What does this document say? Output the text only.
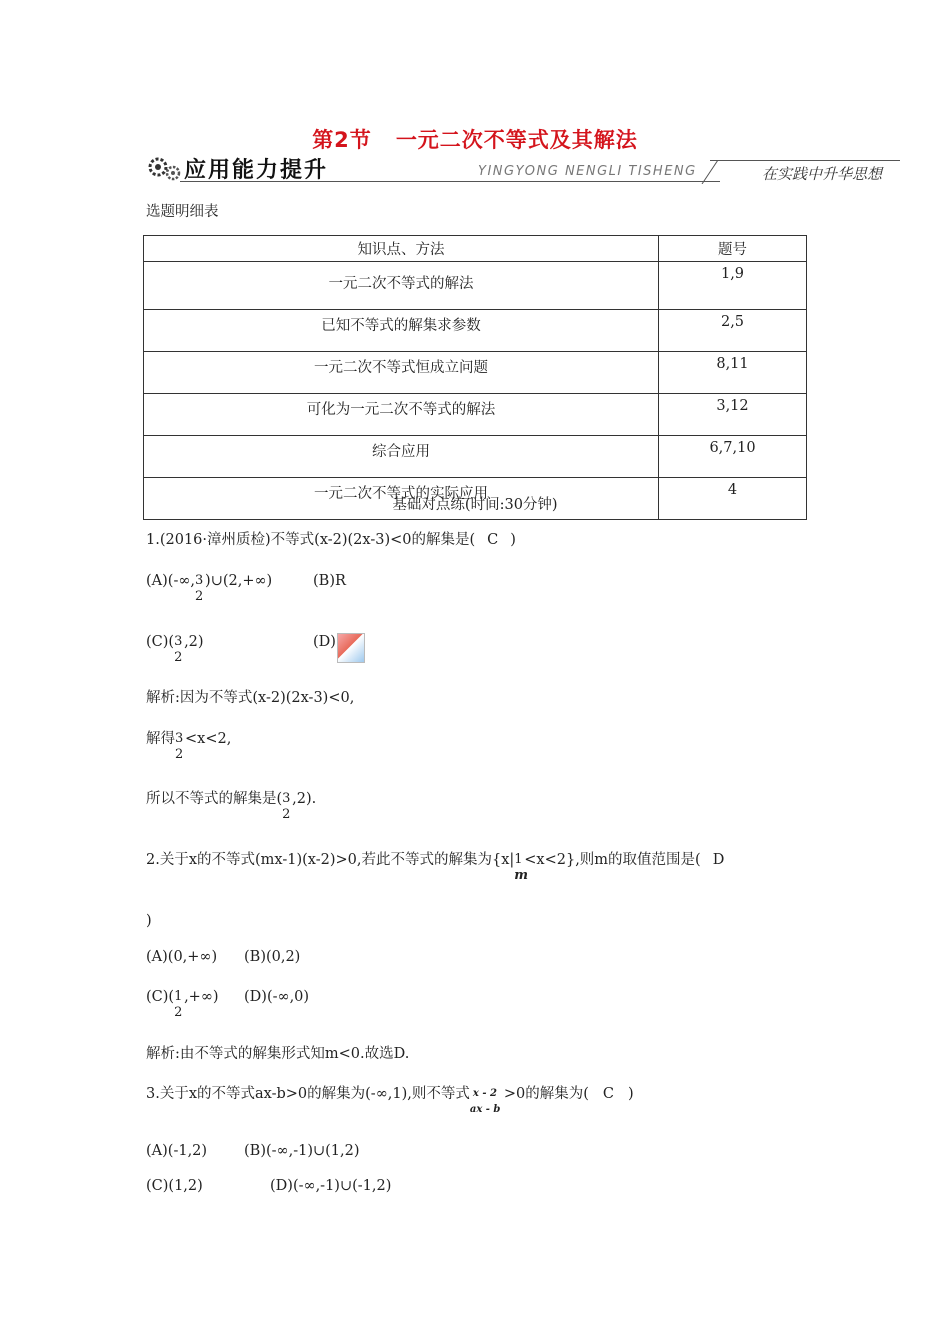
第2节 一元二次不等式及其解法
应用能力提升	YINGYONG NENGLI TISHENG	在实践中升华思想
选题明细表
知识点、方法	题号
一元二次不等式的解法	1,9
已知不等式的解集求参数	2,5
一元二次不等式恒成立问题	8,11
可化为一元二次不等式的解法	3,12
综合应用	6,7,10
一元二次不等式的实际应用	4
基础对点练(时间:30分钟)
1.(2016·漳州质检)不等式(x-2)(2x-3)<0的解集是( C )
(A)(-∞, 3
2
)∪(2,+∞)	(B)R
(C)( 3
2
,2)	(D)
解析:因为不等式(x-2)(2x-3)<0,
解得 3
2
<x<2,
所以不等式的解集是( 3
2
,2).
2.关于x的不等式(mx-1)(x-2)>0,若此不等式的解集为{x| 1
m
<x<2},则m的取值范围是( D
)
(A)(0,+∞) (B)(0,2)
(C)( 1
2
,+∞) (D)(-∞,0)
解析:由不等式的解集形式知m<0.故选D.
3.关于x的不等式ax-b>0的解集为(-∞,1),则不等式 x - 2
ax - b
>0的解集为( C )
(A)(-1,2)	(B)(-∞,-1)∪(1,2)
(C)(1,2)	(D)(-∞,-1)∪(-1,2)
